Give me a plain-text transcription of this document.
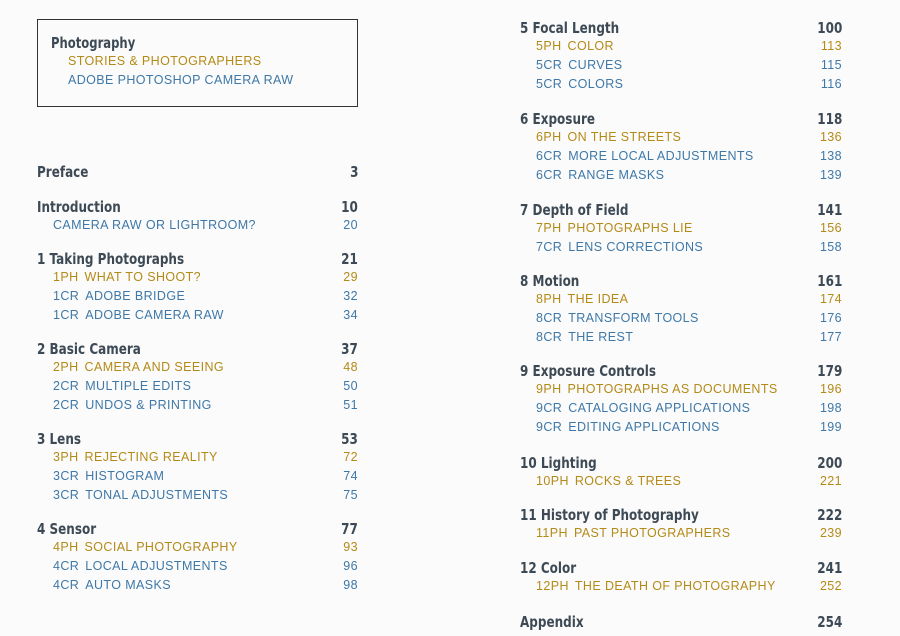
Photography
STORIES & PHOTOGRAPHERS
ADOBE PHOTOSHOP CAMERA RAW
Preface	3
Introduction	10
CAMERA RAW OR LIGHTROOM?	20
1 Taking Photographs	21
1PH WHAT TO SHOOT?	29
1CR ADOBE BRIDGE	32
1CR ADOBE CAMERA RAW	34
2 Basic Camera	37
2PH CAMERA AND SEEING	48
2CR MULTIPLE EDITS	50
2CR UNDOS & PRINTING	51
3 Lens	53
3PH REJECTING REALITY	72
3CR HISTOGRAM	74
3CR TONAL ADJUSTMENTS	75
4 Sensor	77
4PH SOCIAL PHOTOGRAPHY	93
4CR LOCAL ADJUSTMENTS	96
4CR AUTO MASKS	98
5 Focal Length	100
5PH COLOR	113
5CR CURVES	115
5CR COLORS	116
6 Exposure	118
6PH ON THE STREETS	136
6CR MORE LOCAL ADJUSTMENTS	138
6CR RANGE MASKS	139
7 Depth of Field	141
7PH PHOTOGRAPHS LIE	156
7CR LENS CORRECTIONS	158
8 Motion	161
8PH THE IDEA	174
8CR TRANSFORM TOOLS	176
8CR THE REST	177
9 Exposure Controls	179
9PH PHOTOGRAPHS AS DOCUMENTS	196
9CR CATALOGING APPLICATIONS	198
9CR EDITING APPLICATIONS	199
10 Lighting	200
10PH ROCKS & TREES	221
11 History of Photography	222
11PH PAST PHOTOGRAPHERS	239
12 Color	241
12PH THE DEATH OF PHOTOGRAPHY	252
Appendix	254
